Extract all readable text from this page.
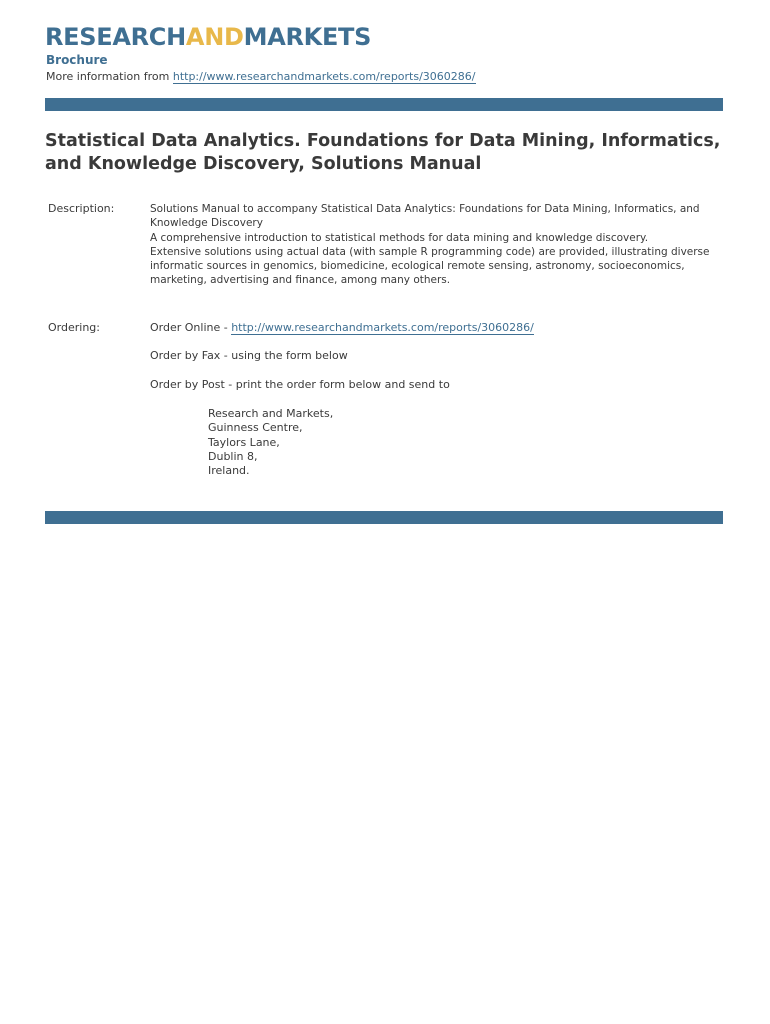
RESEARCHANDMARKETS
Brochure
More information from http://www.researchandmarkets.com/reports/3060286/
Statistical Data Analytics. Foundations for Data Mining, Informatics, and Knowledge Discovery, Solutions Manual
Description:	Solutions Manual to accompany Statistical Data Analytics: Foundations for Data Mining, Informatics, and
Knowledge Discovery
A comprehensive introduction to statistical methods for data mining and knowledge discovery.
Extensive solutions using actual data (with sample R programming code) are provided, illustrating diverse
informatic sources in genomics, biomedicine, ecological remote sensing, astronomy, socioeconomics,
marketing, advertising and finance, among many others.
Ordering:	Order Online - http://www.researchandmarkets.com/reports/3060286/
Order by Fax - using the form below
Order by Post - print the order form below and send to
Research and Markets,
Guinness Centre,
Taylors Lane,
Dublin 8,
Ireland.
